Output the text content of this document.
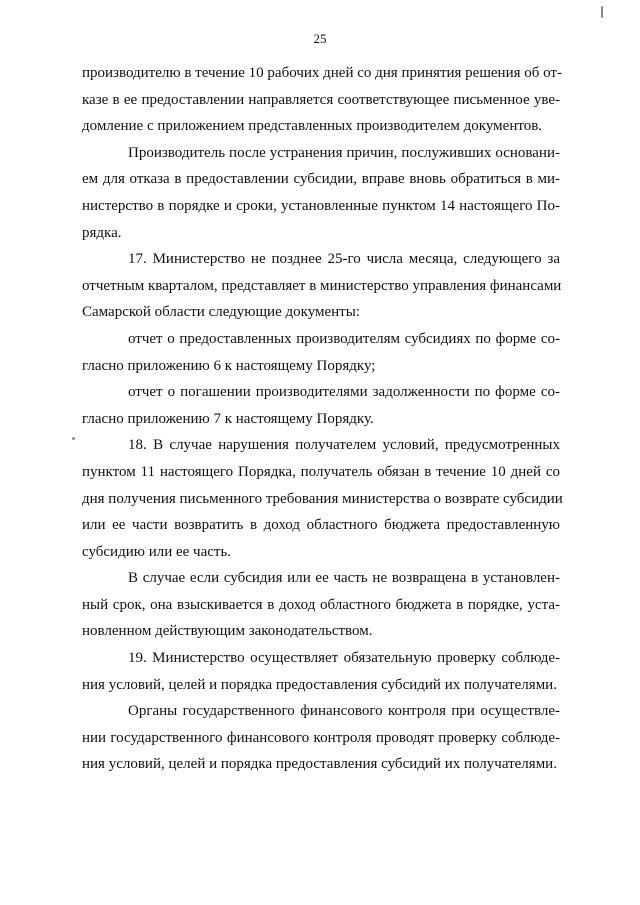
25
производителю в течение 10 рабочих дней со дня принятия решения об от-
казе в ее предоставлении направляется соответствующее письменное уве-
домление с приложением представленных производителем документов.
Производитель после устранения причин, послуживших основани-
ем для отказа в предоставлении субсидии, вправе вновь обратиться в ми-
нистерство в порядке и сроки, установленные пунктом 14 настоящего По-
рядка.
17. Министерство не позднее 25-го числа месяца, следующего за
отчетным кварталом, представляет в министерство управления финансами
Самарской области следующие документы:
отчет о предоставленных производителям субсидиях по форме со-
гласно приложению 6 к настоящему Порядку;
отчет о погашении производителями задолженности по форме со-
гласно приложению 7 к настоящему Порядку.
18. В случае нарушения получателем условий, предусмотренных
пунктом 11 настоящего Порядка, получатель обязан в течение 10 дней со
дня получения письменного требования министерства о возврате субсидии
или ее части возвратить в доход областного бюджета предоставленную
субсидию или ее часть.
В случае если субсидия или ее часть не возвращена в установлен-
ный срок, она взыскивается в доход областного бюджета в порядке, уста-
новленном действующим законодательством.
19. Министерство осуществляет обязательную проверку соблюде-
ния условий, целей и порядка предоставления субсидий их получателями.
Органы государственного финансового контроля при осуществле-
нии государственного финансового контроля проводят проверку соблюде-
ния условий, целей и порядка предоставления субсидий их получателями.
